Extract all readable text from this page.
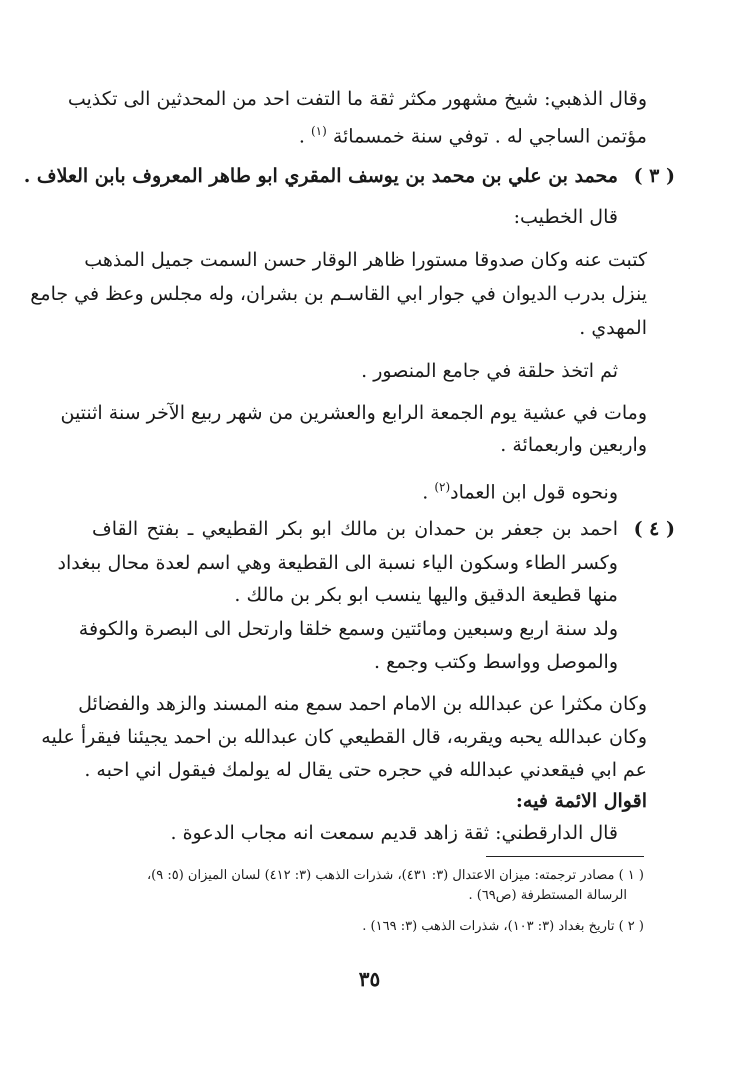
وقال الذهبي: شيخ مشهور مكثر ثقة ما التفت احد من المحدثين الى تكذيب
مؤتمن الساجي له . توفي سنة خمسمائة $^{(١)}$ .
( ٣ )
محمد بن علي بن محمد بن يوسف المقري ابو طاهر المعروف بابن العلاف .
قال الخطيب:
كتبت عنه وكان صدوقا مستورا ظاهر الوقار حسن السمت جميل المذهب
ينزل بدرب الديوان في جوار ابي القاسـم بن بشران، وله مجلس وعظ في جامع
المهدي .
ثم اتخذ حلقة في جامع المنصور .
ومات في عشية يوم الجمعة الرابع والعشرين من شهر ربيع الآخر سنة اثنتين
واربعين واربعمائة .
ونحوه قول ابن العماد$^{(٢)}$ .
( ٤ )
احمد بن جعفر بن حمدان بن مالك ابو بكر القطيعي ـ بفتح القاف
وكسر الطاء وسكون الياء نسبة الى القطيعة وهي اسم لعدة محال ببغداد
منها قطيعة الدقيق واليها ينسب ابو بكر بن مالك .
ولد سنة اربع وسبعين ومائتين وسمع خلقا وارتحل الى البصرة والكوفة
والموصل وواسط وكتب وجمع .
وكان مكثرا عن عبدالله بن الامام احمد سمع منه المسند والزهد والفضائل
وكان عبدالله يحبه ويقربه، قال القطيعي كان عبدالله بن احمد يجيئنا فيقرأ عليه
عم ابي فيقعدني عبدالله في حجره حتى يقال له يولمك فيقول اني احبه .
اقوال الائمة فيه:
قال الدارقطني: ثقة زاهد قديم سمعت انه مجاب الدعوة .
( ١ ) مصادر ترجمته: ميزان الاعتدال (٣: ٤٣١)، شذرات الذهب (٣: ٤١٢) لسان الميزان (٥: ٩)،
الرسالة المستطرفة (ص٦٩) .
( ٢ ) تاريخ بغداد (٣: ١٠٣)، شذرات الذهب (٣: ١٦٩) .
٣٥
